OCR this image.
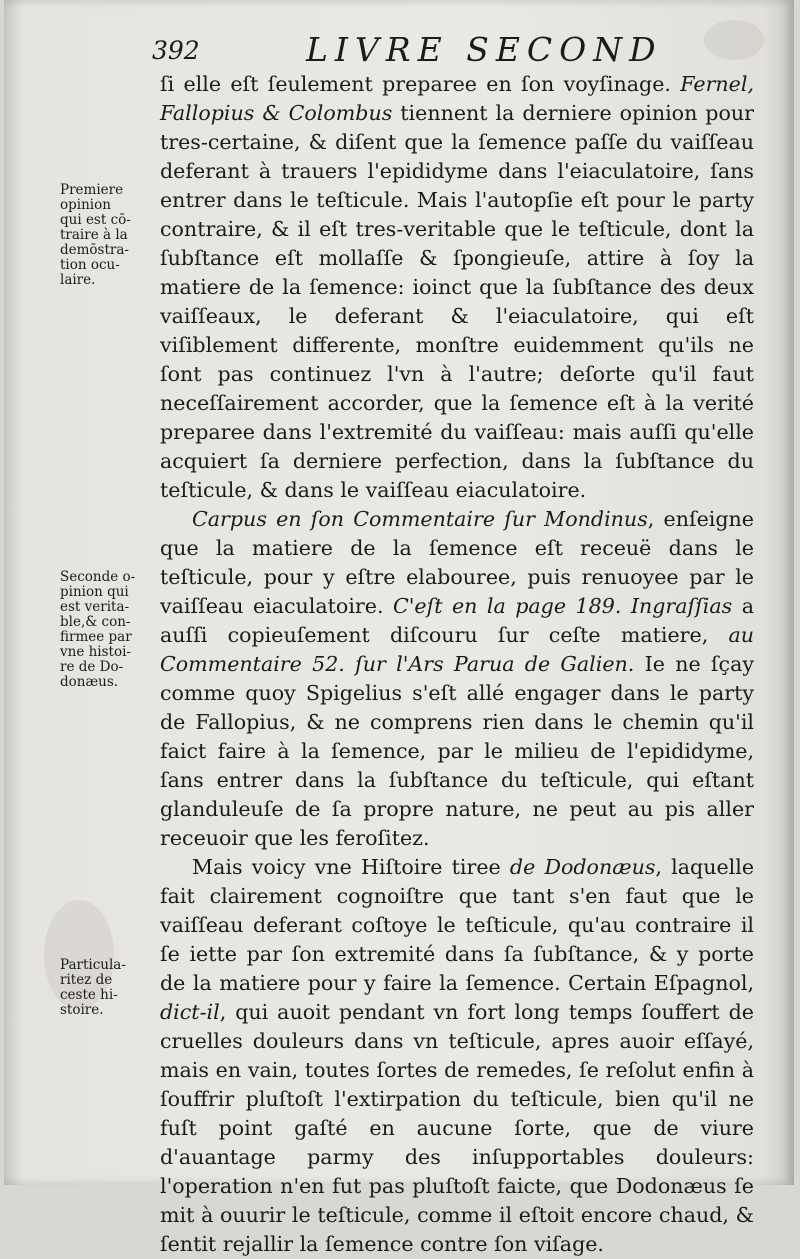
392	LIVRE SECOND
Premiere
opinion
qui est cō-
traire à la
demōstra-
tion ocu-
laire.
Seconde o-
pinion qui
est verita-
ble,& con-
firmee par
vne histoi-
re de Do-
donæus.
Particula-
ritez de
ceste hi-
stoire.

ſi elle eſt ſeulement preparee en ſon voyſinage. Fernel, Fallopius & Colombus tiennent la derniere opinion pour tres-certaine, & diſent que la ſemence paſſe du vaiſſeau deferant à trauers l'epididyme dans l'eiaculatoire, ſans entrer dans le teſticule. Mais l'autopſie eſt pour le party contraire, & il eſt tres-veritable que le teſticule, dont la ſubſtance eſt mollaſſe & ſpongieuſe, attire à ſoy la matiere de la ſemence: ioinct que la ſubſtance des deux vaiſſeaux, le deferant & l'eiaculatoire, qui eſt viſiblement differente, monſtre euidemment qu'ils ne ſont pas continuez l'vn à l'autre; deſorte qu'il faut neceſſairement accorder, que la ſemence eſt à la verité preparee dans l'extremité du vaiſſeau: mais auſſi qu'elle acquiert ſa derniere perfection, dans la ſubſtance du teſticule, & dans le vaiſſeau eiaculatoire.

Carpus en ſon Commentaire ſur Mondinus, enſeigne que la matiere de la ſemence eſt receuë dans le teſticule, pour y eſtre elabouree, puis renuoyee par le vaiſſeau eiaculatoire. C'eſt en la page 189. Ingraſſias a auſſi copieuſement diſcouru ſur ceſte matiere, au Commentaire 52. ſur l'Ars Parua de Galien. Ie ne ſçay comme quoy Spigelius s'eſt allé engager dans le party de Fallopius, & ne comprens rien dans le chemin qu'il faict faire à la ſemence, par le milieu de l'epididyme, ſans entrer dans la ſubſtance du teſticule, qui eſtant glanduleuſe de ſa propre nature, ne peut au pis aller receuoir que les feroſitez.

Mais voicy vne Hiſtoire tiree de Dodonæus, laquelle fait clairement cognoiſtre que tant s'en faut que le vaiſſeau deferant coſtoye le teſticule, qu'au contraire il ſe iette par ſon extremité dans ſa ſubſtance, & y porte de la matiere pour y faire la ſemence. Certain Eſpagnol, dict-il, qui auoit pendant vn fort long temps ſouffert de cruelles douleurs dans vn teſticule, apres auoir eſſayé, mais en vain, toutes ſortes de remedes, ſe reſolut enfin à ſouffrir pluſtoſt l'extirpation du teſticule, bien qu'il ne fuſt point gaſté en aucune ſorte, que de viure d'auantage parmy des inſupportables douleurs: l'operation n'en fut pas pluſtoſt faicte, que Dodonæus ſe mit à ouurir le teſticule, comme il eſtoit encore chaud, & ſentit rejallir la ſemence contre ſon viſage.
